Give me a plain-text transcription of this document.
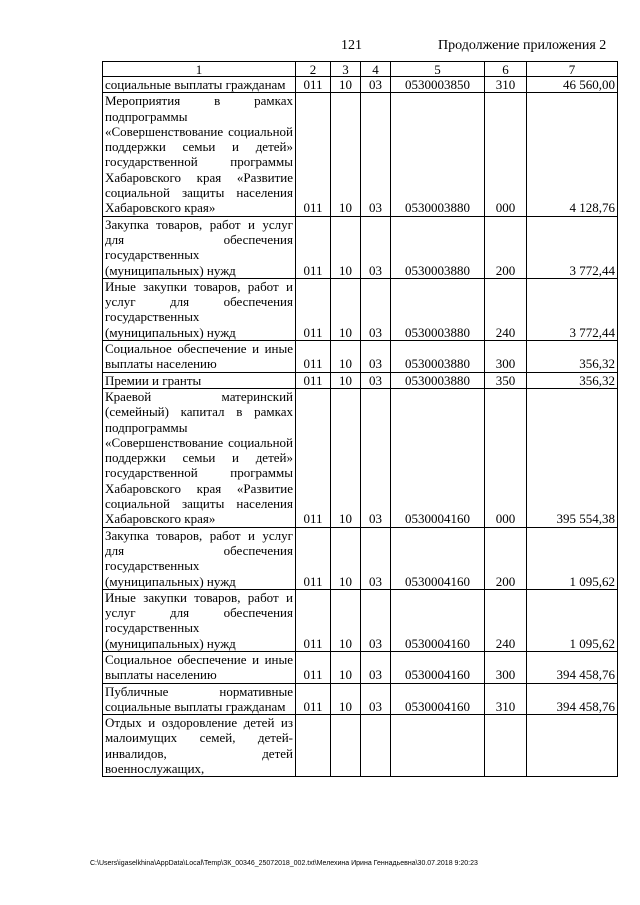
121	Продолжение приложения 2
1	2	3	4	5	6	7
социальные выплаты гражданам	011	10	03	0530003850	310	46 560,00
Мероприятия в рамках подпрограммы «Совершенствование социальной поддержки семьи и детей» государственной программы Хабаровского края «Развитие социальной защиты населения Хабаровского края»	011	10	03	0530003880	000	4 128,76
Закупка товаров, работ и услуг для обеспечения государственных (муниципальных) нужд	011	10	03	0530003880	200	3 772,44
Иные закупки товаров, работ и услуг для обеспечения государственных (муниципальных) нужд	011	10	03	0530003880	240	3 772,44
Социальное обеспечение и иные выплаты населению	011	10	03	0530003880	300	356,32
Премии и гранты	011	10	03	0530003880	350	356,32
Краевой материнский (семейный) капитал в рамках подпрограммы «Совершенствование социальной поддержки семьи и детей» государственной программы Хабаровского края «Развитие социальной защиты населения Хабаровского края»	011	10	03	0530004160	000	395 554,38
Закупка товаров, работ и услуг для обеспечения государственных (муниципальных) нужд	011	10	03	0530004160	200	1 095,62
Иные закупки товаров, работ и услуг для обеспечения государственных (муниципальных) нужд	011	10	03	0530004160	240	1 095,62
Социальное обеспечение и иные выплаты населению	011	10	03	0530004160	300	394 458,76
Публичные нормативные социальные выплаты гражданам	011	10	03	0530004160	310	394 458,76
Отдых и оздоровление детей из малоимущих семей, детей-инвалидов, детей военнослужащих,						
C:\Users\igaselkhina\AppData\Local\Temp\ЗК_00346_25072018_002.txt\Мелехина Ирина Геннадьевна\30.07.2018 9:20:23
